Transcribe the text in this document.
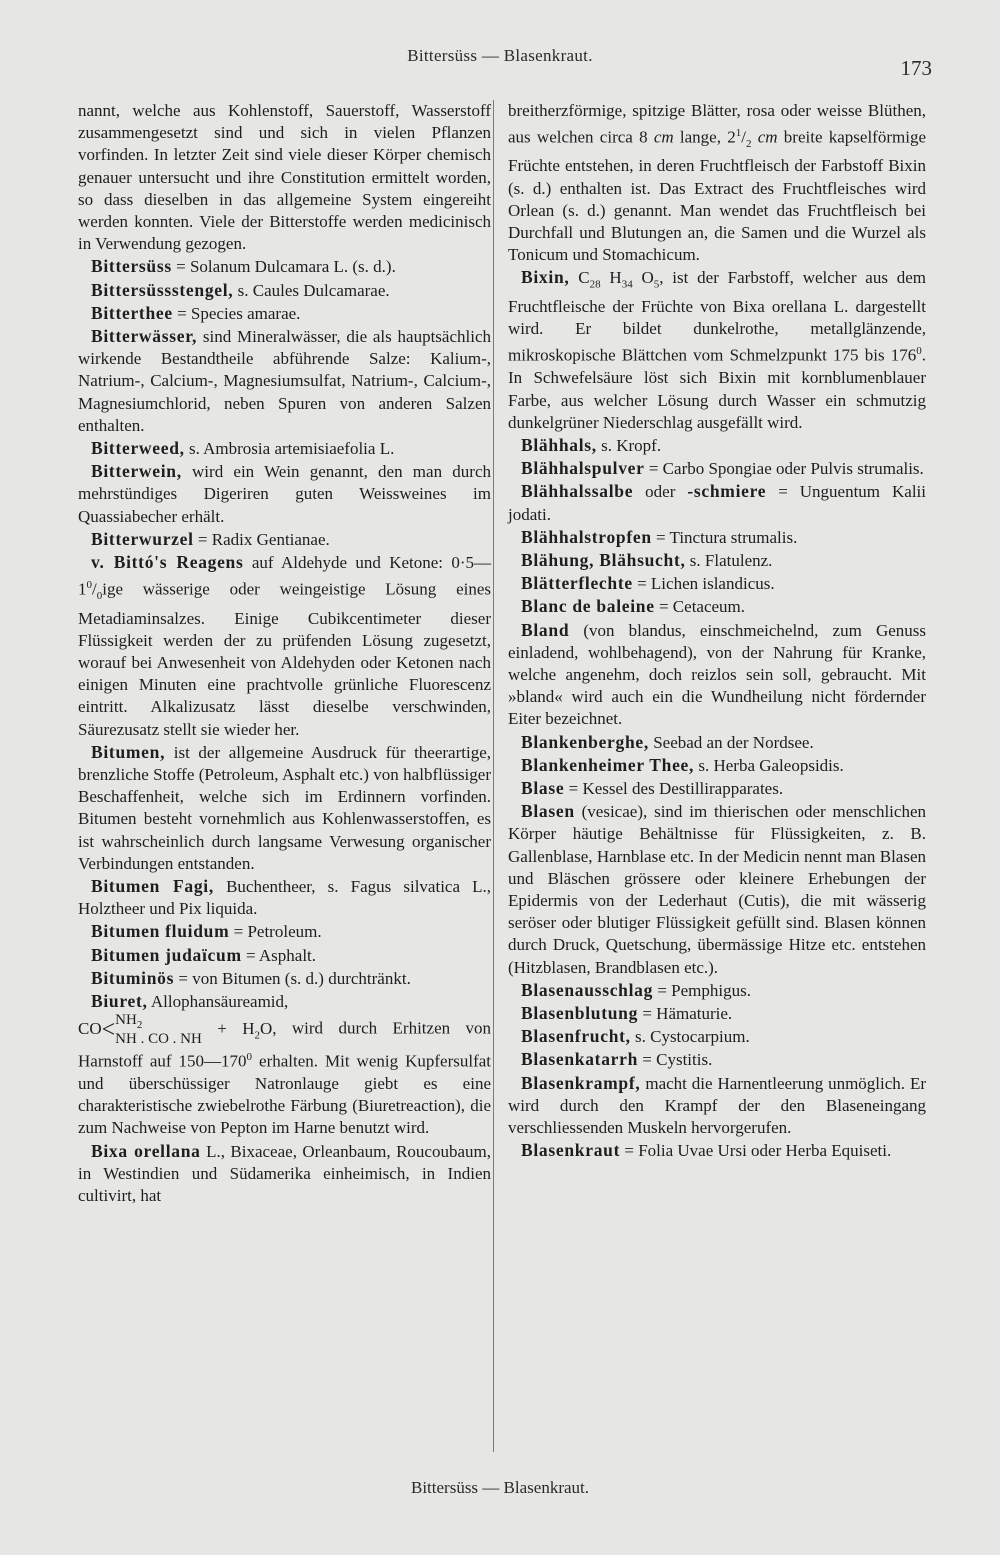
Bittersüss — Blasenkraut.
173

nannt, welche aus Kohlenstoff, Sauerstoff, Wasserstoff zusammengesetzt sind und sich in vielen Pflanzen vorfinden. In letzter Zeit sind viele dieser Körper chemisch genauer untersucht und ihre Constitution ermittelt worden, so dass dieselben in das allgemeine System eingereiht werden konnten. Viele der Bitterstoffe werden medicinisch in Verwendung gezogen.

Bittersüss = Solanum Dulcamara L. (s. d.).

Bittersüssstengel, s. Caules Dulcamarae.

Bitterthee = Species amarae.

Bitterwässer, sind Mineralwässer, die als hauptsächlich wirkende Bestandtheile abführende Salze: Kalium-, Natrium-, Calcium-, Magnesiumsulfat, Natrium-, Calcium-, Magnesiumchlorid, neben Spuren von anderen Salzen enthalten.

Bitterweed, s. Ambrosia artemisiaefolia L.

Bitterwein, wird ein Wein genannt, den man durch mehrstündiges Digeriren guten Weissweines im Quassiabecher erhält.

Bitterwurzel = Radix Gentianae.

v. Bittó's Reagens auf Aldehyde und Ketone: $0\cdot 5—1^0/_0ige$ wässerige oder weingeistige Lösung eines Metadiaminsalzes. Einige Cubikcentimeter dieser Flüssigkeit werden der zu prüfenden Lösung zugesetzt, worauf bei Anwesenheit von Aldehyden oder Ketonen nach einigen Minuten eine prachtvolle grünliche Fluorescenz eintritt. Alkalizusatz lässt dieselbe verschwinden, Säurezusatz stellt sie wieder her.

Bitumen, ist der allgemeine Ausdruck für theerartige, brenzliche Stoffe (Petroleum, Asphalt etc.) von halbflüssiger Beschaffenheit, welche sich im Erdinnern vorfinden. Bitumen besteht vornehmlich aus Kohlenwasserstoffen, es ist wahrscheinlich durch langsame Verwesung organischer Verbindungen entstanden.

Bitumen Fagi, Buchentheer, s. Fagus silvatica L., Holztheer und Pix liquida.

Bitumen fluidum = Petroleum.

Bitumen judaïcum = Asphalt.

Bituminös = von Bitumen (s. d.) durchtränkt.

Biuret, Allophansäureamid,

$CO<NH_2$
NH . CO . NH + $H_2O$, wird durch Erhitzen von Harnstoff auf $150—170^0$ erhalten. Mit wenig Kupfersulfat und überschüssiger Natronlauge giebt es eine charakteristische zwiebelrothe Färbung (Biuretreaction), die zum Nachweise von Pepton im Harne benutzt wird.

Bixa orellana L., Bixaceae, Orleanbaum, Roucoubaum, in Westindien und Südamerika einheimisch, in Indien cultivirt, hat

breitherzförmige, spitzige Blätter, rosa oder weisse Blüthen, aus welchen circa 8 cm lange, $2^1/_2$ cm breite kapselförmige Früchte entstehen, in deren Fruchtfleisch der Farbstoff Bixin (s. d.) enthalten ist. Das Extract des Fruchtfleisches wird Orlean (s. d.) genannt. Man wendet das Fruchtfleisch bei Durchfall und Blutungen an, die Samen und die Wurzel als Tonicum und Stomachicum.

Bixin, $C_{28}$ $H_{34}$ $O_5$, ist der Farbstoff, welcher aus dem Fruchtfleische der Früchte von Bixa orellana L. dargestellt wird. Er bildet dunkelrothe, metallglänzende, mikroskopische Blättchen vom Schmelzpunkt 175 bis $176^0$. In Schwefelsäure löst sich Bixin mit kornblumenblauer Farbe, aus welcher Lösung durch Wasser ein schmutzig dunkelgrüner Niederschlag ausgefällt wird.

Blähhals, s. Kropf.

Blähhalspulver = Carbo Spongiae oder Pulvis strumalis.

Blähhalssalbe oder -schmiere = Unguentum Kalii jodati.

Blähhalstropfen = Tinctura strumalis.

Blähung, Blähsucht, s. Flatulenz.

Blätterflechte = Lichen islandicus.

Blanc de baleine = Cetaceum.

Bland (von blandus, einschmeichelnd, zum Genuss einladend, wohlbehagend), von der Nahrung für Kranke, welche angenehm, doch reizlos sein soll, gebraucht. Mit »bland« wird auch ein die Wundheilung nicht fördernder Eiter bezeichnet.

Blankenberghe, Seebad an der Nordsee.

Blankenheimer Thee, s. Herba Galeopsidis.

Blase = Kessel des Destillirapparates.

Blasen (vesicae), sind im thierischen oder menschlichen Körper häutige Behältnisse für Flüssigkeiten, z. B. Gallenblase, Harnblase etc. In der Medicin nennt man Blasen und Bläschen grössere oder kleinere Erhebungen der Epidermis von der Lederhaut (Cutis), die mit wässerig seröser oder blutiger Flüssigkeit gefüllt sind. Blasen können durch Druck, Quetschung, übermässige Hitze etc. entstehen (Hitzblasen, Brandblasen etc.).

Blasenausschlag = Pemphigus.

Blasenblutung = Hämaturie.

Blasenfrucht, s. Cystocarpium.

Blasenkatarrh = Cystitis.

Blasenkrampf, macht die Harnentleerung unmöglich. Er wird durch den Krampf der den Blaseneingang verschliessenden Muskeln hervorgerufen.

Blasenkraut = Folia Uvae Ursi oder Herba Equiseti.

Bittersüss — Blasenkraut.
